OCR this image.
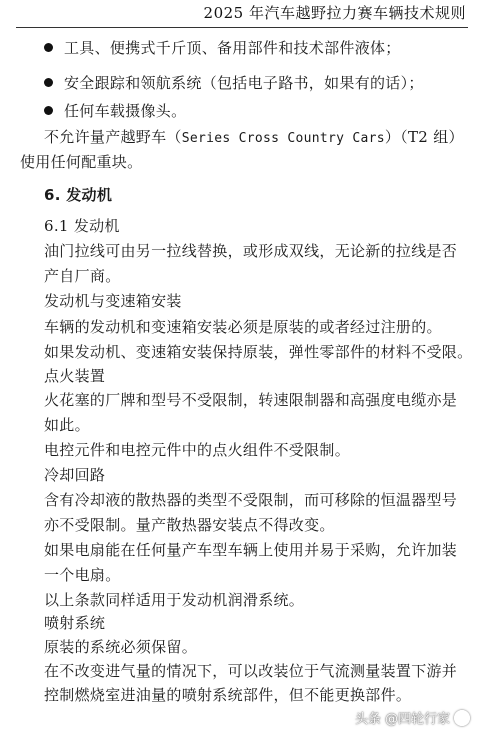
2025 年汽车越野拉力赛车辆技术规则
工具、便携式千斤顶、备用部件和技术部件液体；
安全跟踪和领航系统（包括电子路书，如果有的话）；
任何车载摄像头。
不允许量产越野车（Series Cross Country Cars）（T2 组）
使用任何配重块。
6. 发动机
6.1 发动机
油门拉线可由另一拉线替换，或形成双线，无论新的拉线是否
产自厂商。
发动机与变速箱安装
车辆的发动机和变速箱安装必须是原装的或者经过注册的。
如果发动机、变速箱安装保持原装，弹性零部件的材料不受限。
点火装置
火花塞的厂牌和型号不受限制，转速限制器和高强度电缆亦是
如此。
电控元件和电控元件中的点火组件不受限制。
冷却回路
含有冷却液的散热器的类型不受限制，而可移除的恒温器型号
亦不受限制。量产散热器安装点不得改变。
如果电扇能在任何量产车型车辆上使用并易于采购，允许加装
一个电扇。
以上条款同样适用于发动机润滑系统。
喷射系统
原装的系统必须保留。
在不改变进气量的情况下，可以改装位于气流测量装置下游并
控制燃烧室进油量的喷射系统部件，但不能更换部件。
头条 @四轮行家
